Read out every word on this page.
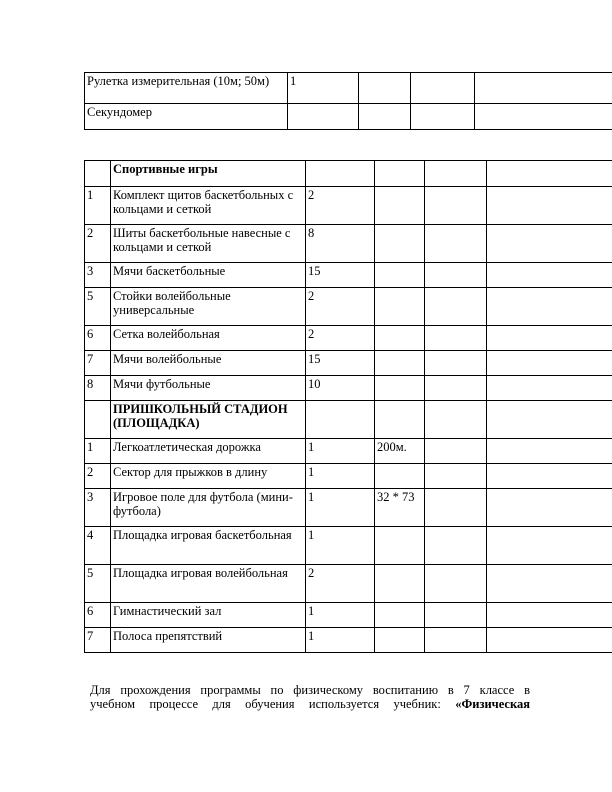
Рулетка измерительная (10м; 50м)	1			
Секундомер				
	Спортивные игры				
1	Комплект щитов баскетбольных с кольцами и сеткой	2			
2	Шиты баскетбольные навесные с кольцами и сеткой	8			
3	Мячи баскетбольные	15			
5	Стойки волейбольные универсальные	2			
6	Сетка волейбольная	2			
7	Мячи волейбольные	15			
8	Мячи футбольные	10			
	ПРИШКОЛЬНЫЙ СТАДИОН (ПЛОЩАДКА)				
1	Легкоатлетическая дорожка	1	200м.		
2	Сектор для прыжков в длину	1			
3	Игровое поле для футбола (мини-футбола)	1	32 * 73		
4	Площадка игровая баскетбольная	1			
5	Площадка игровая волейбольная	2			
6	Гимнастический зал	1			
7	Полоса препятствий	1			
Для прохождения программы по физическому воспитанию в 7 классе в
учебном процессе для обучения используется учебник: «Физическая
